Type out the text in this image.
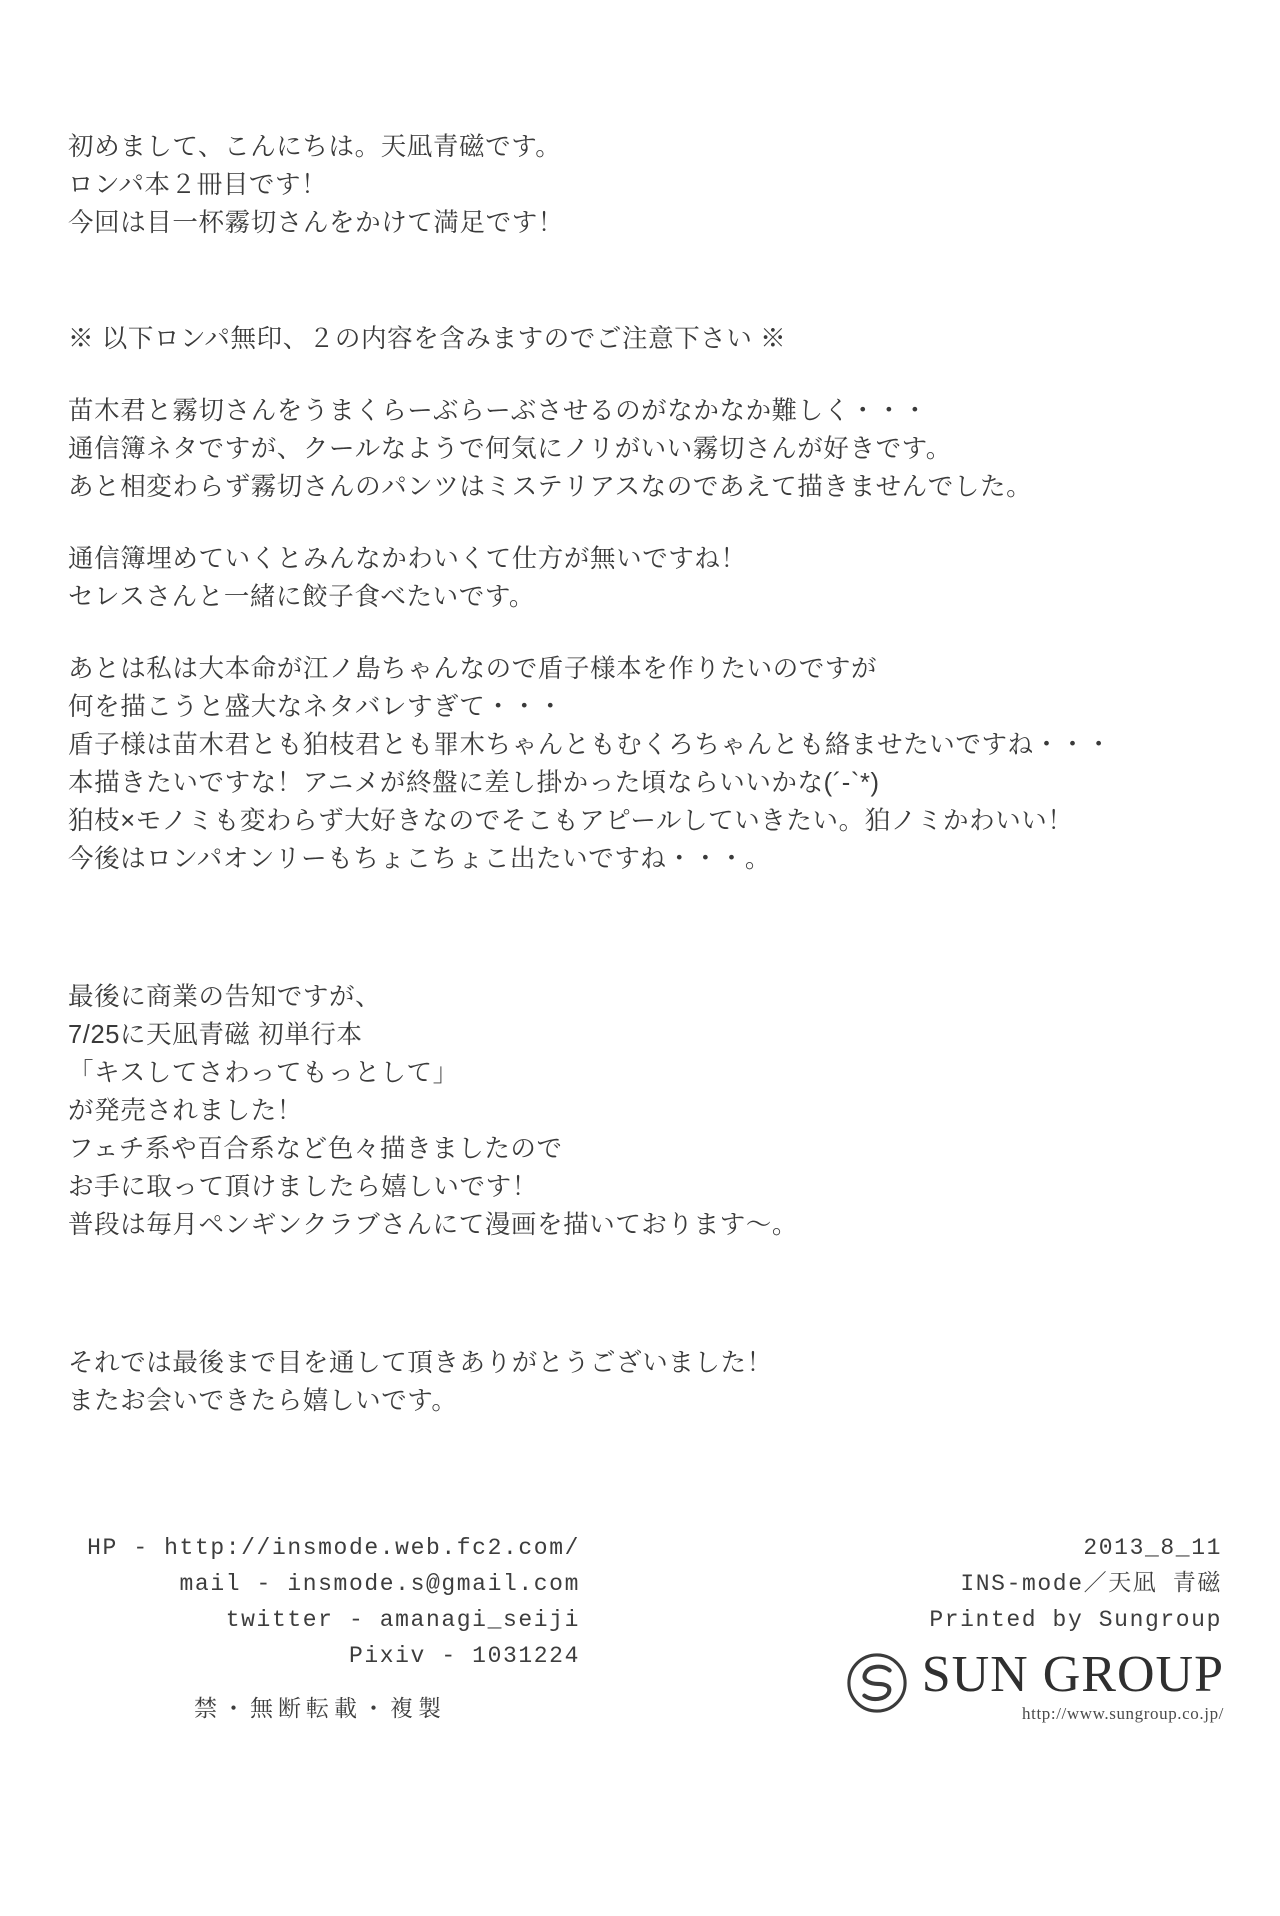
初めまして、こんにちは。天凪青磁です。
ロンパ本２冊目です！
今回は目一杯霧切さんをかけて満足です！
※ 以下ロンパ無印、２の内容を含みますのでご注意下さい ※
苗木君と霧切さんをうまくらーぶらーぶさせるのがなかなか難しく・・・
通信簿ネタですが、クールなようで何気にノリがいい霧切さんが好きです。
あと相変わらず霧切さんのパンツはミステリアスなのであえて描きませんでした。
通信簿埋めていくとみんなかわいくて仕方が無いですね！
セレスさんと一緒に餃子食べたいです。
あとは私は大本命が江ノ島ちゃんなので盾子様本を作りたいのですが
何を描こうと盛大なネタバレすぎて・・・
盾子様は苗木君とも狛枝君とも罪木ちゃんともむくろちゃんとも絡ませたいですね・・・
本描きたいですな！アニメが終盤に差し掛かった頃ならいいかな(´-`*)
狛枝×モノミも変わらず大好きなのでそこもアピールしていきたい。狛ノミかわいい！
今後はロンパオンリーもちょこちょこ出たいですね・・・。
最後に商業の告知ですが、
7/25に天凪青磁 初単行本
「キスしてさわってもっとして」
が発売されました！
フェチ系や百合系など色々描きましたので
お手に取って頂けましたら嬉しいです！
普段は毎月ペンギンクラブさんにて漫画を描いております～。
それでは最後まで目を通して頂きありがとうございました！
またお会いできたら嬉しいです。
HP - http://insmode.web.fc2.com/
mail - insmode.s@gmail.com
twitter - amanagi_seiji
Pixiv - 1031224
禁・無断転載・複製
2013_8_11
INS-mode／天凪 青磁
Printed by Sungroup
SUN GROUP
http://www.sungroup.co.jp/
